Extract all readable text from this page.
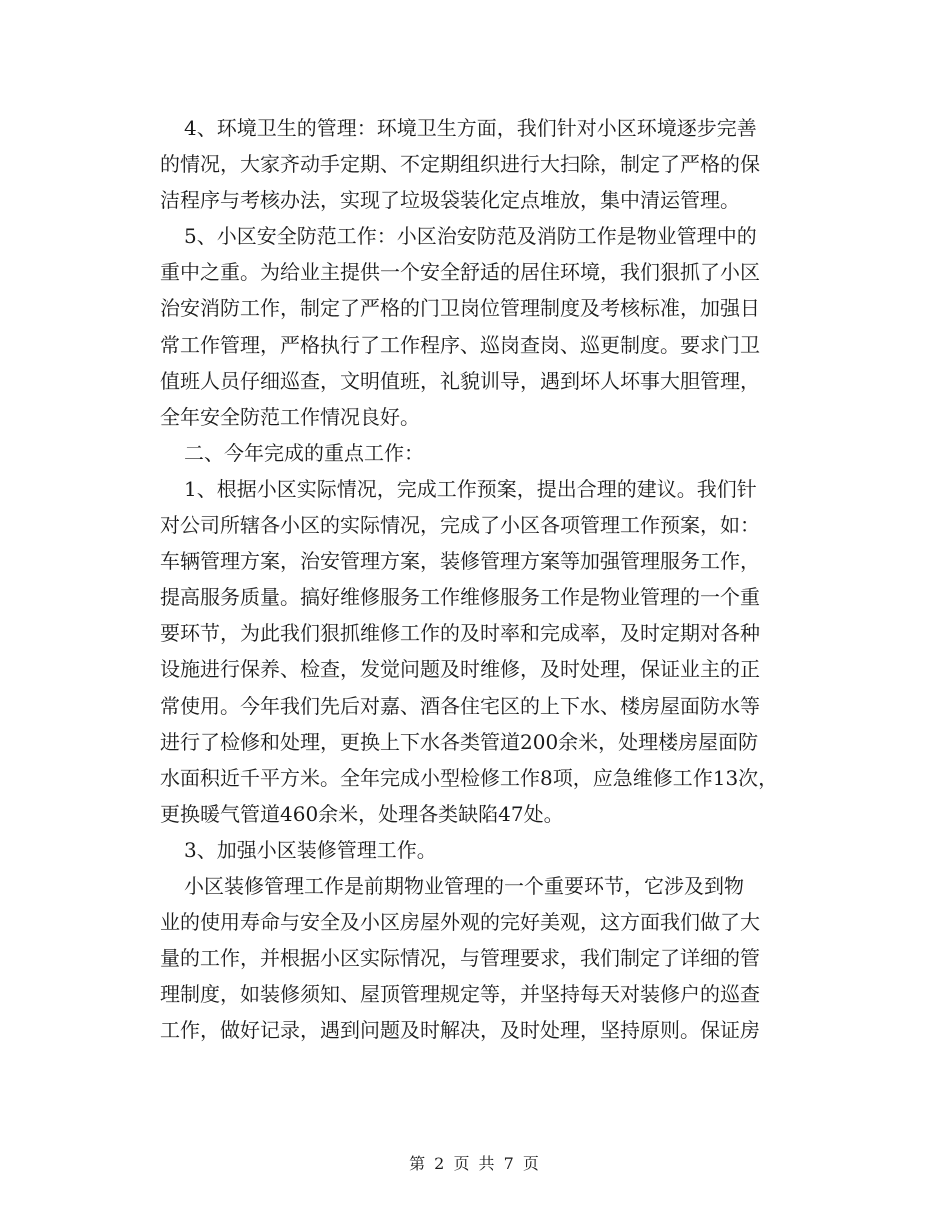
4、环境卫生的管理：环境卫生方面，我们针对小区环境逐步完善
的情况，大家齐动手定期、不定期组织进行大扫除，制定了严格的保
洁程序与考核办法，实现了垃圾袋装化定点堆放，集中清运管理。
5、小区安全防范工作：小区治安防范及消防工作是物业管理中的
重中之重。为给业主提供一个安全舒适的居住环境，我们狠抓了小区
治安消防工作，制定了严格的门卫岗位管理制度及考核标准，加强日
常工作管理，严格执行了工作程序、巡岗查岗、巡更制度。要求门卫
值班人员仔细巡查，文明值班，礼貌训导，遇到坏人坏事大胆管理，
全年安全防范工作情况良好。
二、今年完成的重点工作：
1、根据小区实际情况，完成工作预案，提出合理的建议。我们针
对公司所辖各小区的实际情况，完成了小区各项管理工作预案，如：
车辆管理方案，治安管理方案，装修管理方案等加强管理服务工作，
提高服务质量。搞好维修服务工作维修服务工作是物业管理的一个重
要环节，为此我们狠抓维修工作的及时率和完成率，及时定期对各种
设施进行保养、检查，发觉问题及时维修，及时处理，保证业主的正
常使用。今年我们先后对嘉、酒各住宅区的上下水、楼房屋面防水等
进行了检修和处理，更换上下水各类管道200余米，处理楼房屋面防
水面积近千平方米。全年完成小型检修工作8项，应急维修工作13次，
更换暖气管道460余米，处理各类缺陷47处。
3、加强小区装修管理工作。
小区装修管理工作是前期物业管理的一个重要环节，它涉及到物
业的使用寿命与安全及小区房屋外观的完好美观，这方面我们做了大
量的工作，并根据小区实际情况，与管理要求，我们制定了详细的管
理制度，如装修须知、屋顶管理规定等，并坚持每天对装修户的巡查
工作，做好记录，遇到问题及时解决，及时处理，坚持原则。保证房
第 2 页 共 7 页
